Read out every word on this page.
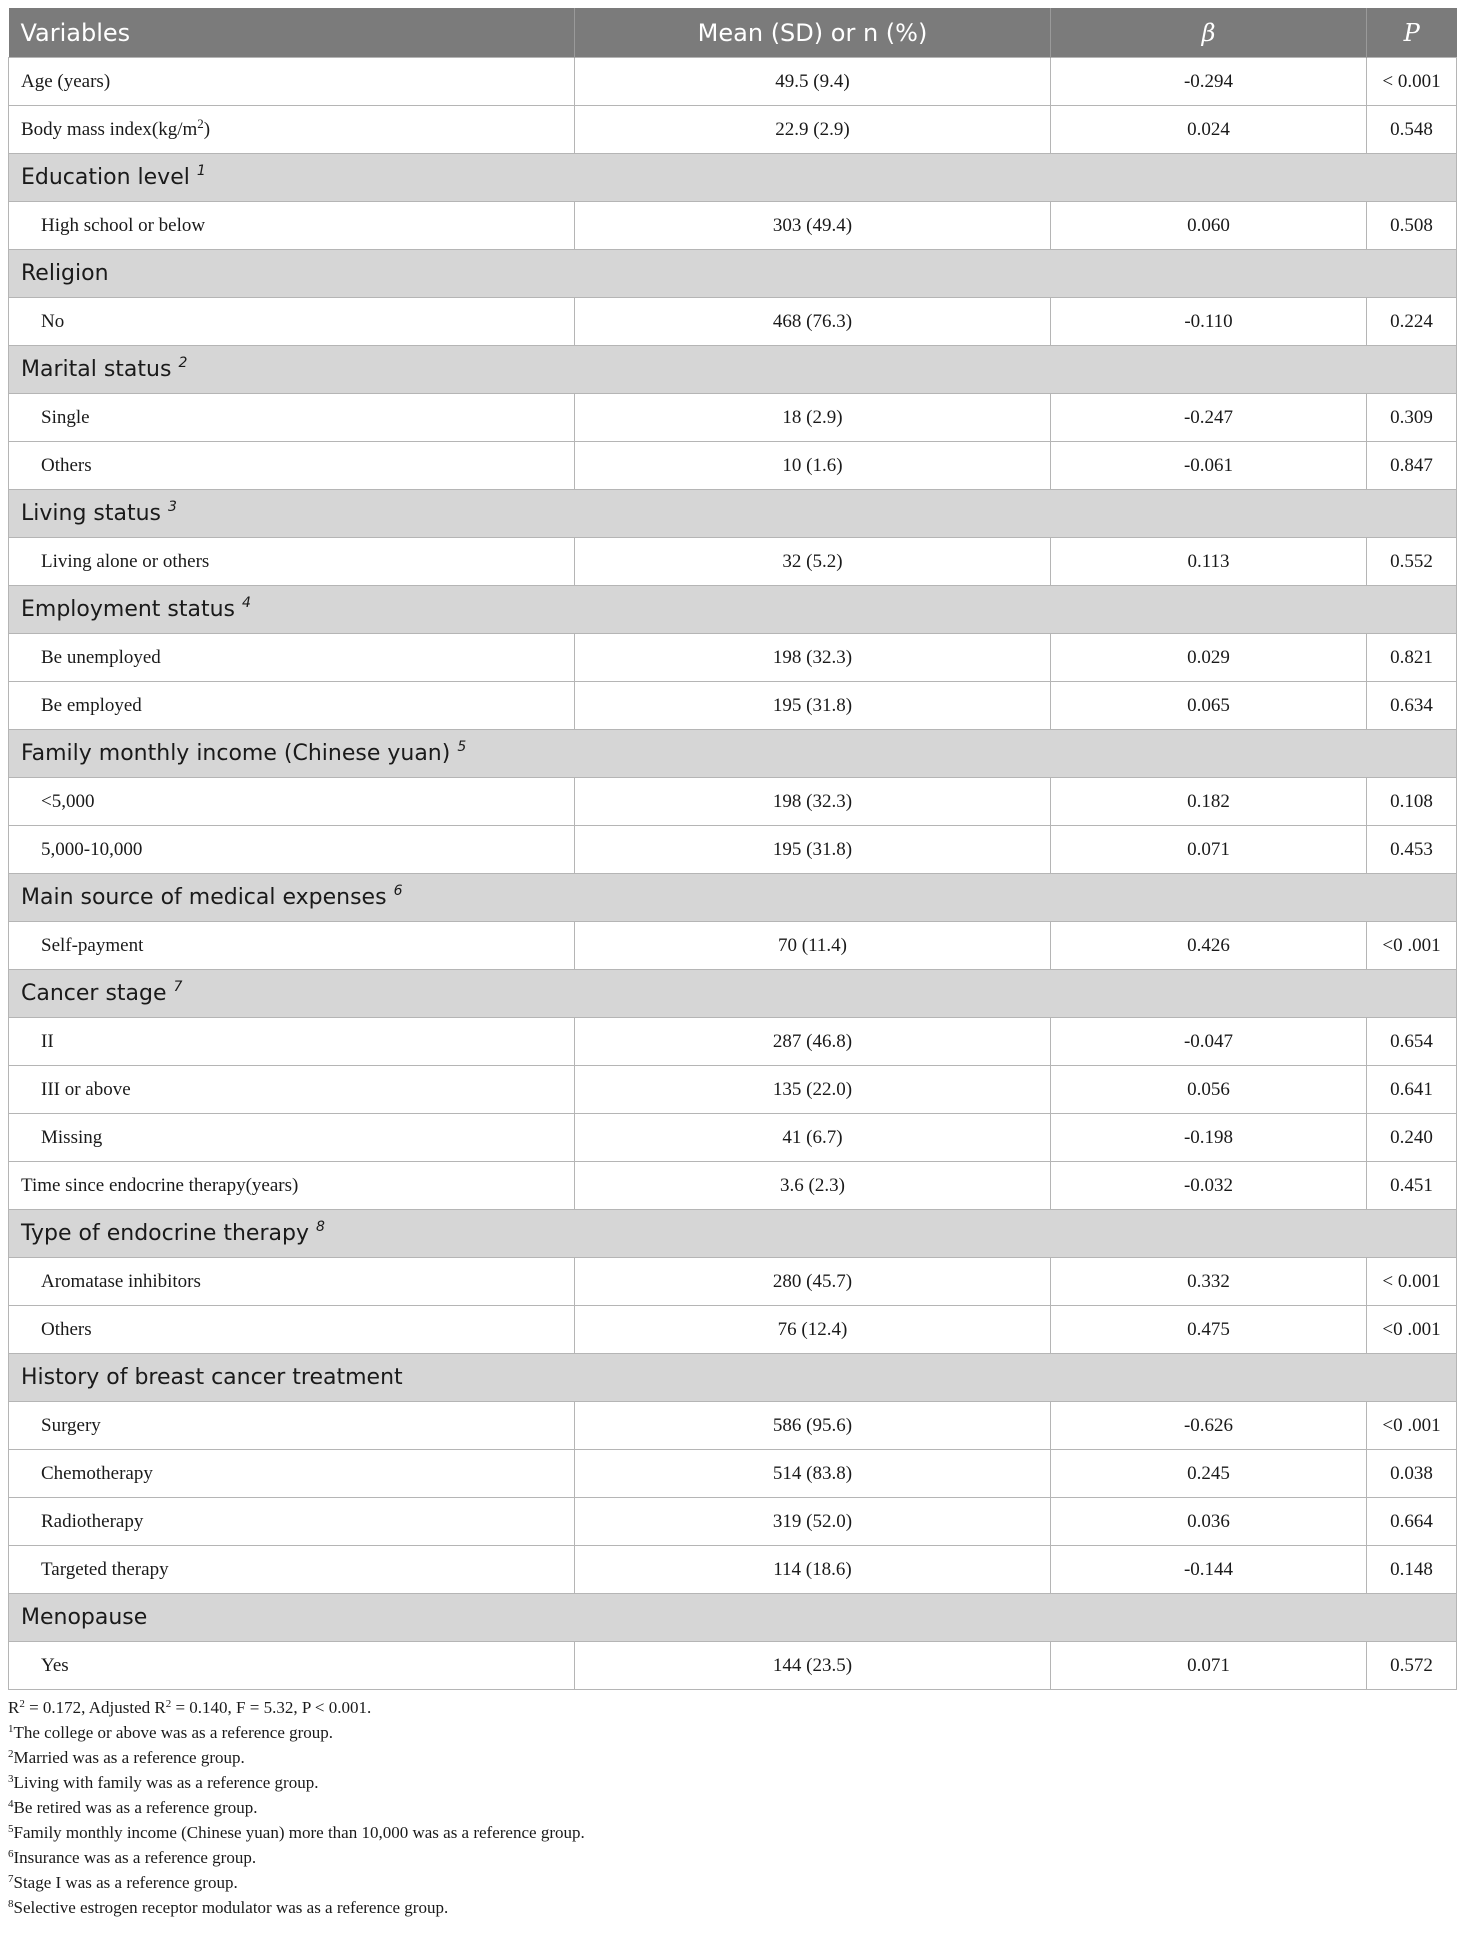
Variables	Mean (SD) or n (%)	β	P
Age (years)	49.5 (9.4)	-0.294	< 0.001
Body mass $index(kg/m^2)$	22.9 (2.9)	0.024	0.548
Education level $^1$
High school or below	303 (49.4)	0.060	0.508
Religion			
No	468 (76.3)	-0.110	0.224
Marital status $^2$
Single	18 (2.9)	-0.247	0.309
Others	10 (1.6)	-0.061	0.847
Living status $^3$
Living alone or others	32 (5.2)	0.113	0.552
Employment status $^4$
Be unemployed	198 (32.3)	0.029	0.821
Be employed	195 (31.8)	0.065	0.634
Family monthly income (Chinese yuan) $^5$
<5,000	198 (32.3)	0.182	0.108
5,000-10,000	195 (31.8)	0.071	0.453
Main source of medical expenses $^6$
Self-payment	70 (11.4)	0.426	<0 .001
Cancer stage $^7$
II	287 (46.8)	-0.047	0.654
III or above	135 (22.0)	0.056	0.641
Missing	41 (6.7)	-0.198	0.240
Time since endocrine therapy(years)	3.6 (2.3)	-0.032	0.451
Type of endocrine therapy $^8$
Aromatase inhibitors	280 (45.7)	0.332	< 0.001
Others	76 (12.4)	0.475	<0 .001
History of breast cancer treatment			
Surgery	586 (95.6)	-0.626	<0 .001
Chemotherapy	514 (83.8)	0.245	0.038
Radiotherapy	319 (52.0)	0.036	0.664
Targeted therapy	114 (18.6)	-0.144	0.148
Menopause			
Yes	144 (23.5)	0.071	0.572
$R^2 = 0.172$, Adjusted $R^2 = 0.140$, F = 5.32, P < 0.001.
$^1$The college or above was as a reference group.
$^2$Married was as a reference group.
$^3$Living with family was as a reference group.
$^4$Be retired was as a reference group.
$^5$Family monthly income (Chinese yuan) more than 10,000 was as a reference group.
$^6$Insurance was as a reference group.
$^7$Stage I was as a reference group.
$^8$Selective estrogen receptor modulator was as a reference group.
